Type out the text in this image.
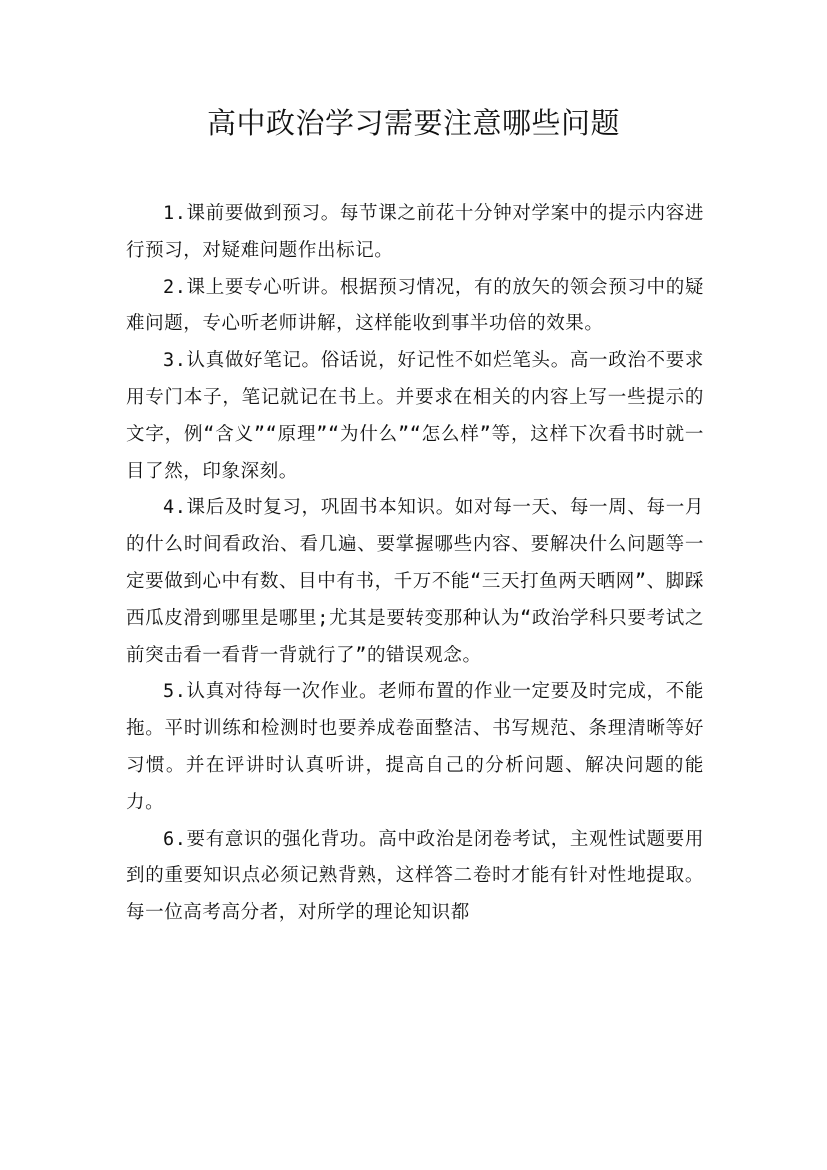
高中政治学习需要注意哪些问题

1.课前要做到预习。每节课之前花十分钟对学案中的提示内容进行预习，对疑难问题作出标记。

2.课上要专心听讲。根据预习情况，有的放矢的领会预习中的疑难问题，专心听老师讲解，这样能收到事半功倍的效果。

3.认真做好笔记。俗话说，好记性不如烂笔头。高一政治不要求用专门本子，笔记就记在书上。并要求在相关的内容上写一些提示的文字，例“含义”“原理”“为什么”“怎么样”等，这样下次看书时就一目了然，印象深刻。

4.课后及时复习，巩固书本知识。如对每一天、每一周、每一月的什么时间看政治、看几遍、要掌握哪些内容、要解决什么问题等一定要做到心中有数、目中有书，千万不能“三天打鱼两天晒网”、脚踩西瓜皮滑到哪里是哪里;尤其是要转变那种认为“政治学科只要考试之前突击看一看背一背就行了”的错误观念。

5.认真对待每一次作业。老师布置的作业一定要及时完成，不能拖。平时训练和检测时也要养成卷面整洁、书写规范、条理清晰等好习惯。并在评讲时认真听讲，提高自己的分析问题、解决问题的能力。

6.要有意识的强化背功。高中政治是闭卷考试，主观性试题要用到的重要知识点必须记熟背熟，这样答二卷时才能有针对性地提取。每一位高考高分者，对所学的理论知识都
